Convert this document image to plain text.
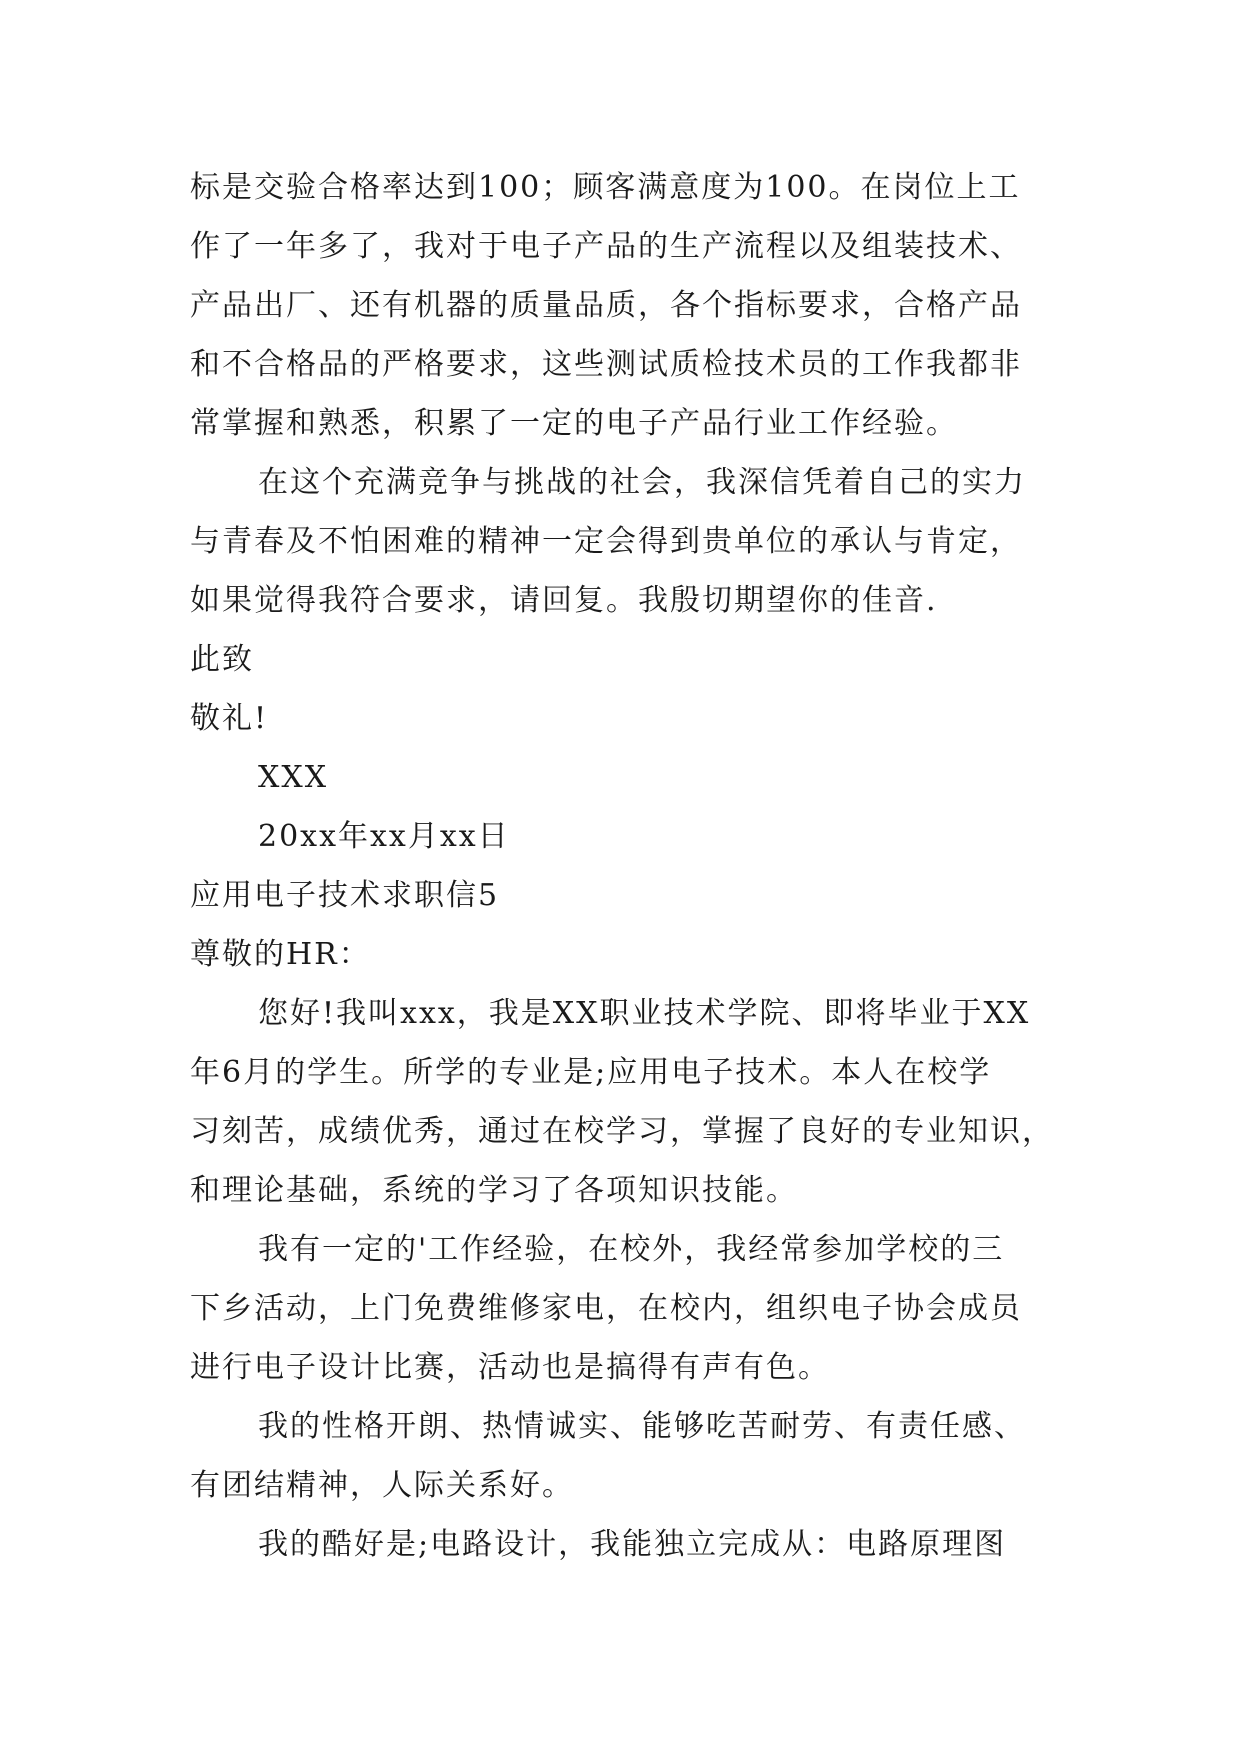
标是交验合格率达到100；顾客满意度为100。在岗位上工

作了一年多了，我对于电子产品的生产流程以及组装技术、

产品出厂、还有机器的质量品质，各个指标要求，合格产品

和不合格品的严格要求，这些测试质检技术员的工作我都非

常掌握和熟悉，积累了一定的电子产品行业工作经验。

在这个充满竞争与挑战的社会，我深信凭着自己的实力

与青春及不怕困难的精神一定会得到贵单位的承认与肯定，

如果觉得我符合要求，请回复。我殷切期望你的佳音.

此致

敬礼!

XXX

20xx年xx月xx日

应用电子技术求职信5

尊敬的HR：

您好!我叫xxx，我是XX职业技术学院、即将毕业于XX

年6月的学生。所学的专业是;应用电子技术。本人在校学

习刻苦，成绩优秀，通过在校学习，掌握了良好的专业知识，

和理论基础，系统的学习了各项知识技能。

我有一定的'工作经验，在校外，我经常参加学校的三

下乡活动，上门免费维修家电，在校内，组织电子协会成员

进行电子设计比赛，活动也是搞得有声有色。

我的性格开朗、热情诚实、能够吃苦耐劳、有责任感、

有团结精神，人际关系好。

我的酷好是;电路设计，我能独立完成从：电路原理图
